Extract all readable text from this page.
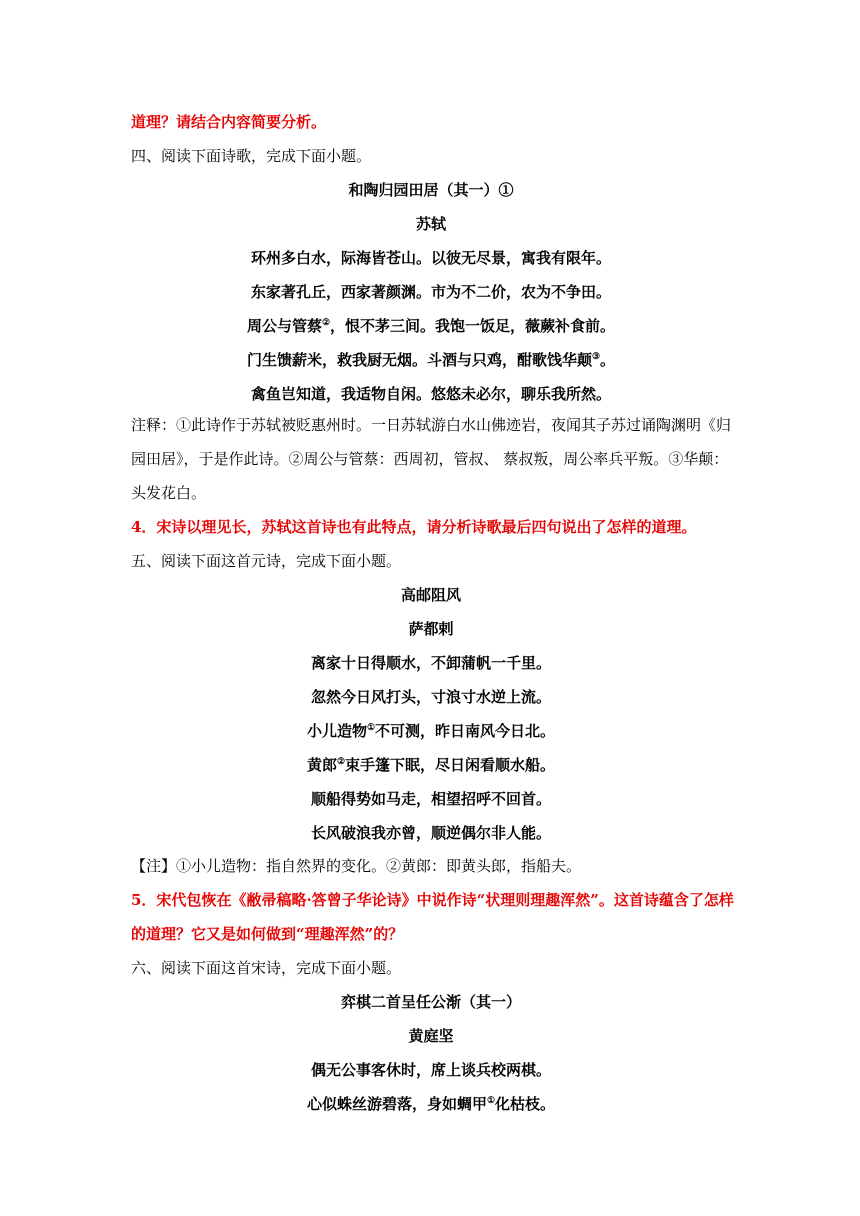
道理？请结合内容简要分析。
四、阅读下面诗歌，完成下面小题。
和陶归园田居（其一）①
苏轼
环州多白水，际海皆苍山。以彼无尽景，寓我有限年。
东家著孔丘，西家著颜渊。市为不二价，农为不争田。
周公与管蔡②，恨不茅三间。我饱一饭足，薇蕨补食前。
门生馈薪米，救我厨无烟。斗酒与只鸡，酣歌饯华颠③。
禽鱼岂知道，我适物自闲。悠悠未必尔，聊乐我所然。
注释：①此诗作于苏轼被贬惠州时。一日苏轼游白水山佛迹岩，夜闻其子苏过诵陶渊明《归
园田居》，于是作此诗。②周公与管蔡：西周初，管叔、 蔡叔叛，周公率兵平叛。③华颠：
头发花白。
4．宋诗以理见长，苏轼这首诗也有此特点，请分析诗歌最后四句说出了怎样的道理。
五、阅读下面这首元诗，完成下面小题。
高邮阻风
萨都剌
离家十日得顺水，不卸蒲帆一千里。
忽然今日风打头，寸浪寸水逆上流。
小儿造物①不可测，昨日南风今日北。
黄郎②束手篷下眠，尽日闲看顺水船。
顺船得势如马走，相望招呼不回首。
长风破浪我亦曾，顺逆偶尔非人能。
【注】①小儿造物：指自然界的变化。②黄郎：即黄头郎，指船夫。
5．宋代包恢在《敝帚稿略·答曾子华论诗》中说作诗“状理则理趣浑然”。这首诗蕴含了怎样
的道理？它又是如何做到“理趣浑然”的？
六、阅读下面这首宋诗，完成下面小题。
弈棋二首呈任公渐（其一）
黄庭坚
偶无公事客休时，席上谈兵校两棋。
心似蛛丝游碧落，身如蜩甲①化枯枝。
